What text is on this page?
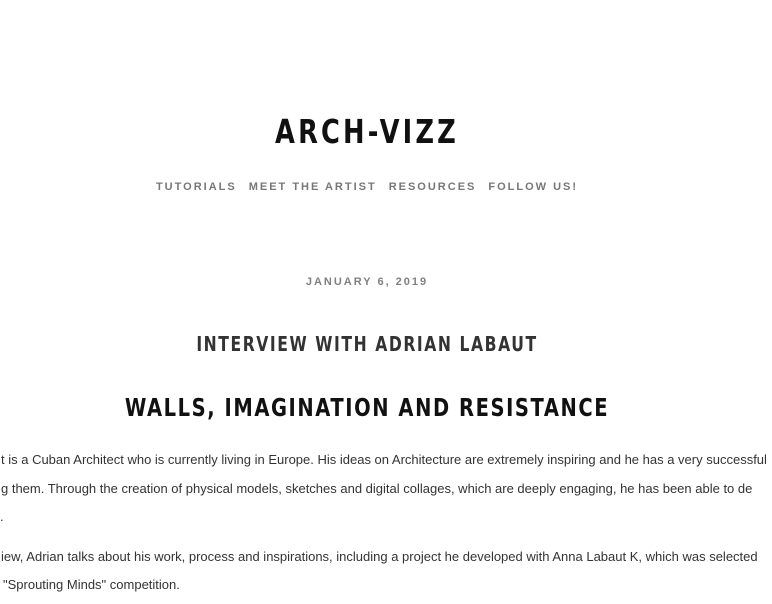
ARCH-VIZZ
TUTORIALS MEET THE ARTIST RESOURCES FOLLOW US!
JANUARY 6, 2019
INTERVIEW WITH ADRIAN LABAUT
WALLS, IMAGINATION AND RESISTANCE
t is a Cuban Architect who is currently living in Europe. His ideas on Architecture are extremely inspiring and he has a very successful
g them. Through the creation of physical models, sketches and digital collages, which are deeply engaging, he has been able to de
.
iew, Adrian talks about his work, process and inspirations, including a project he developed with Anna Labaut K, which was selected
"Sprouting Minds" competition.
